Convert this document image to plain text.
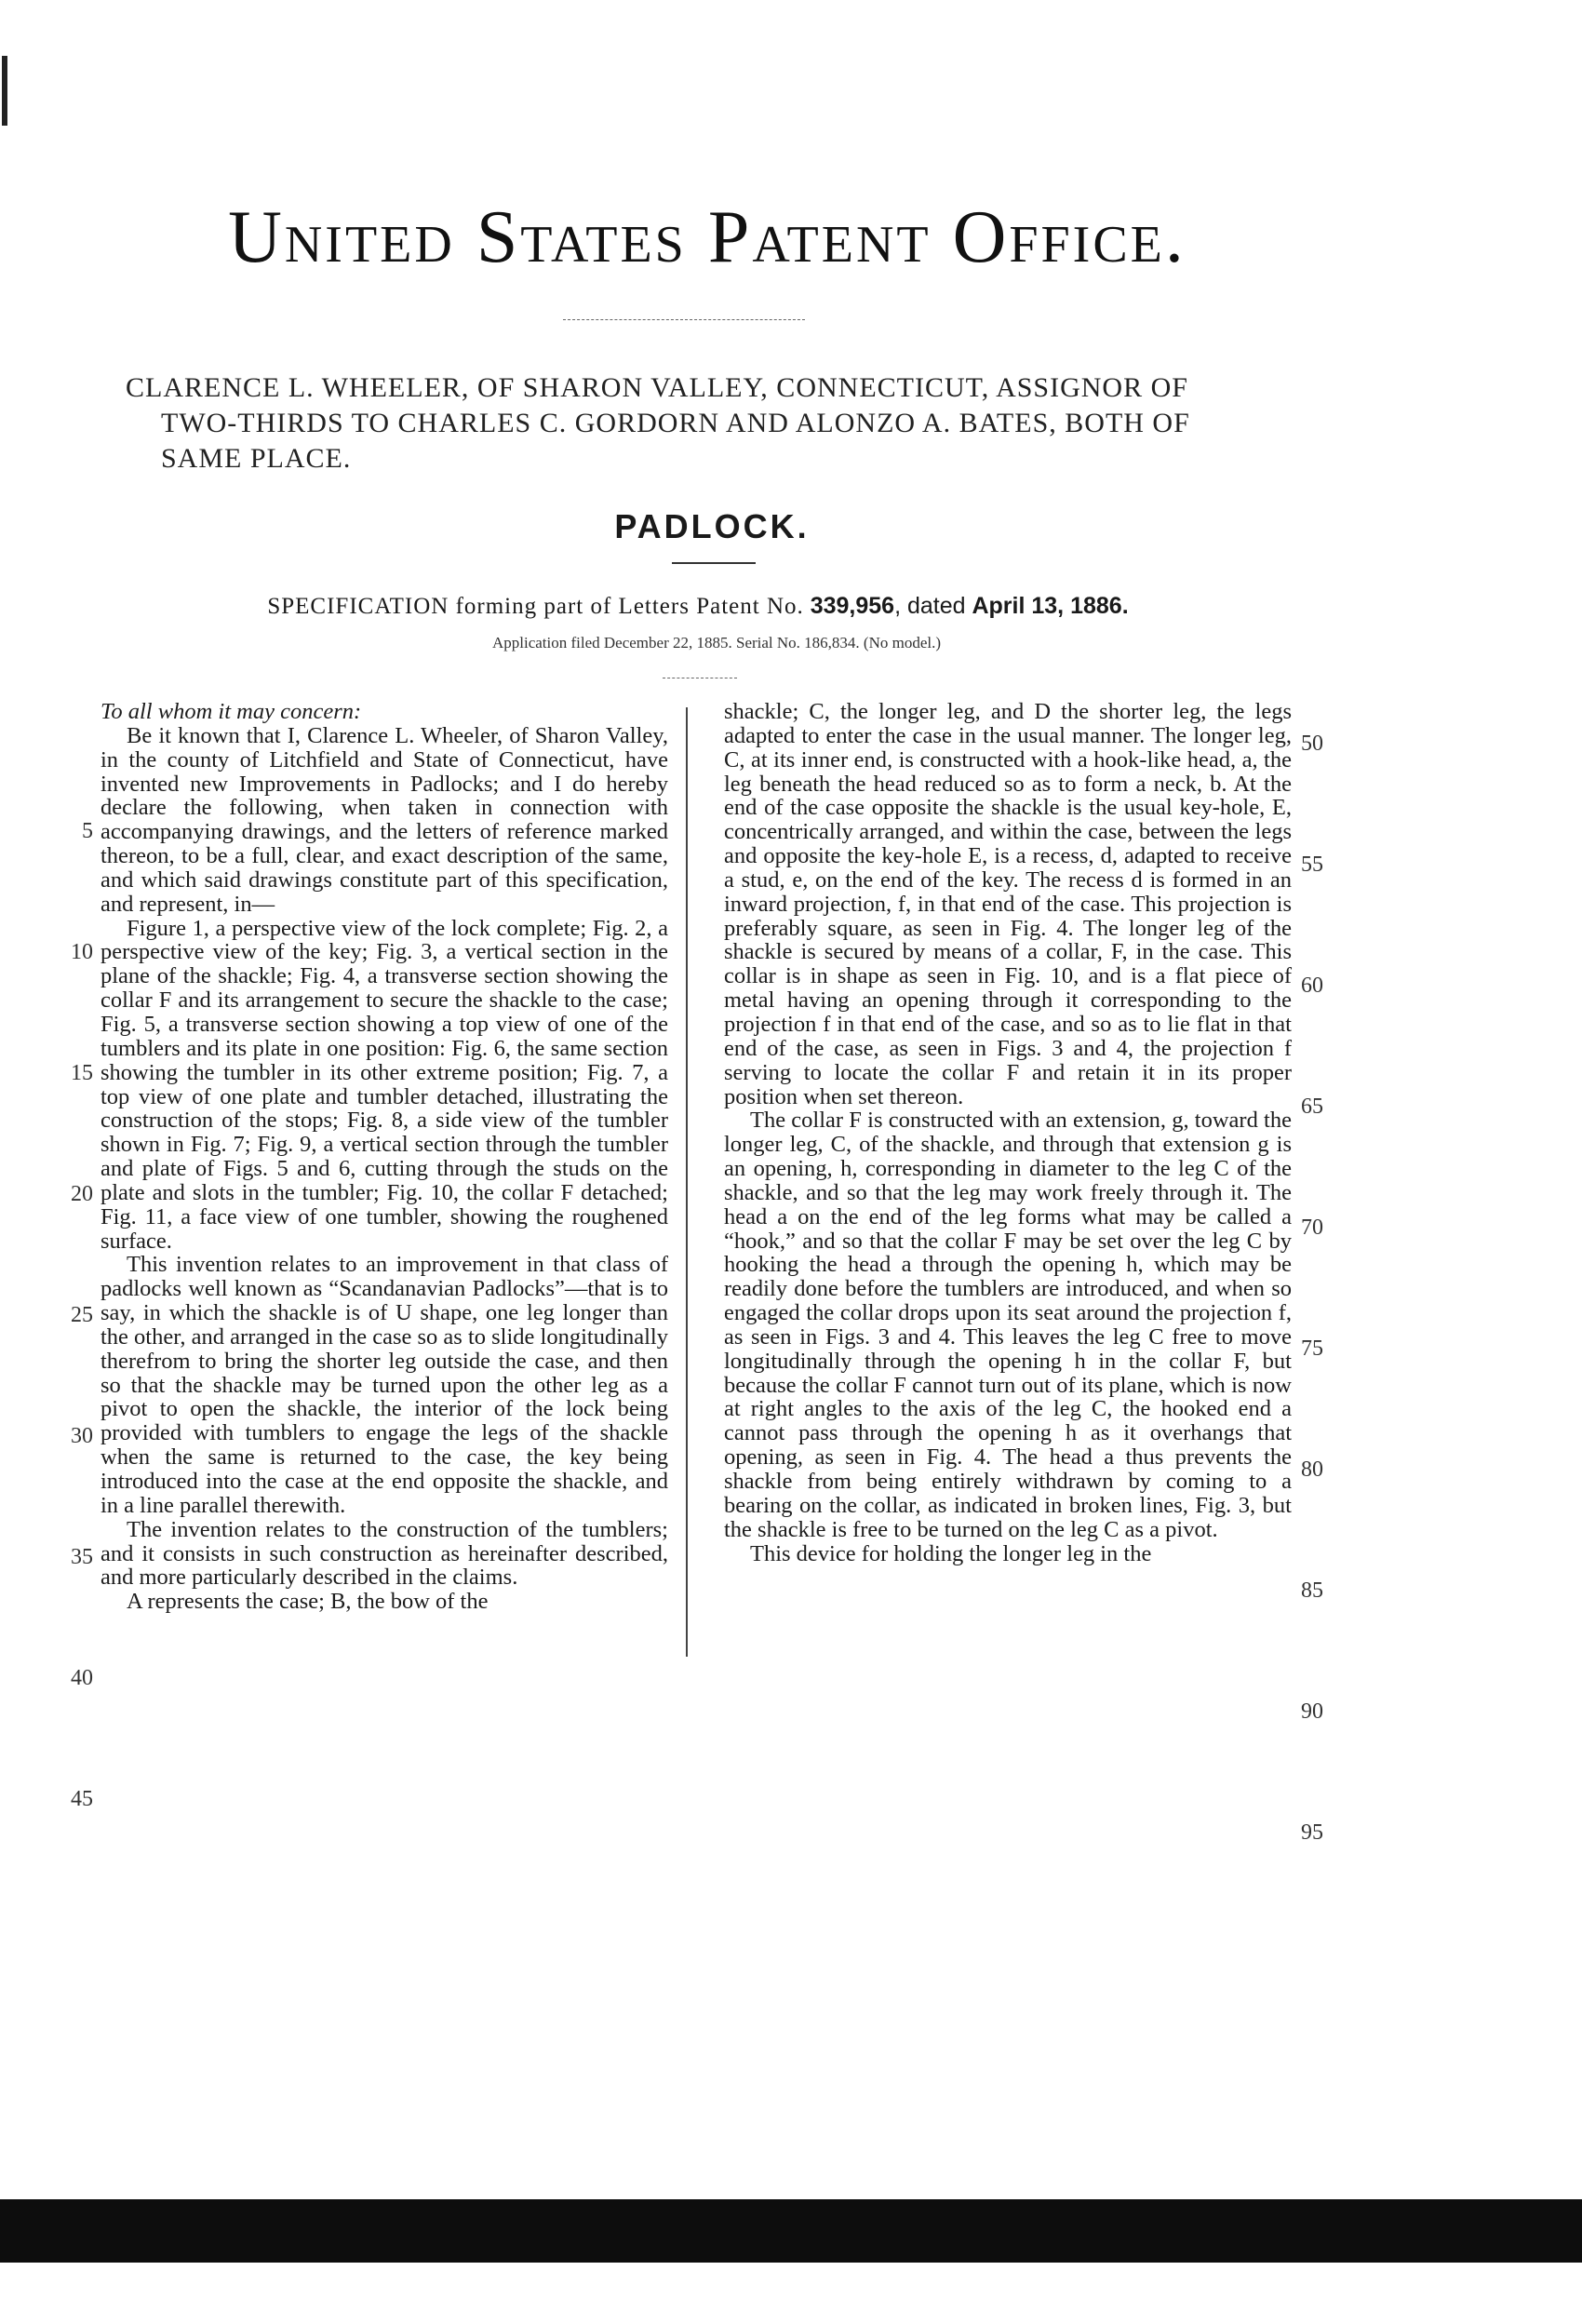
United States Patent Office.
CLARENCE L. WHEELER, OF SHARON VALLEY, CONNECTICUT, ASSIGNOR OF
TWO-THIRDS TO CHARLES C. GORDORN AND ALONZO A. BATES, BOTH OF
SAME PLACE.
PADLOCK.
SPECIFICATION forming part of Letters Patent No. 339,956, dated April 13, 1886.
Application filed December 22, 1885. Serial No. 186,834. (No model.)

To all whom it may concern:

Be it known that I, Clarence L. Wheeler, of Sharon Valley, in the county of Litchfield and State of Connecticut, have invented new Improvements in Padlocks; and I do hereby declare the following, when taken in connection with accompanying drawings, and the letters of reference marked thereon, to be a full, clear, and exact description of the same, and which said drawings constitute part of this specification, and represent, in—

Figure 1, a perspective view of the lock complete; Fig. 2, a perspective view of the key; Fig. 3, a vertical section in the plane of the shackle; Fig. 4, a transverse section showing the collar F and its arrangement to secure the shackle to the case; Fig. 5, a transverse section showing a top view of one of the tumblers and its plate in one position: Fig. 6, the same section showing the tumbler in its other extreme position; Fig. 7, a top view of one plate and tumbler detached, illustrating the construction of the stops; Fig. 8, a side view of the tumbler shown in Fig. 7; Fig. 9, a vertical section through the tumbler and plate of Figs. 5 and 6, cutting through the studs on the plate and slots in the tumbler; Fig. 10, the collar F detached; Fig. 11, a face view of one tumbler, showing the roughened surface.

This invention relates to an improvement in that class of padlocks well known as “Scandanavian Padlocks”—that is to say, in which the shackle is of U shape, one leg longer than the other, and arranged in the case so as to slide longitudinally therefrom to bring the shorter leg outside the case, and then so that the shackle may be turned upon the other leg as a pivot to open the shackle, the interior of the lock being provided with tumblers to engage the legs of the shackle when the same is returned to the case, the key being introduced into the case at the end opposite the shackle, and in a line parallel therewith.

The invention relates to the construction of the tumblers; and it consists in such construction as hereinafter described, and more particularly described in the claims.

A represents the case; B, the bow of the

shackle; C, the longer leg, and D the shorter leg, the legs adapted to enter the case in the usual manner. The longer leg, C, at its inner end, is constructed with a hook-like head, a, the leg beneath the head reduced so as to form a neck, b. At the end of the case opposite the shackle is the usual key-hole, E, concentrically arranged, and within the case, between the legs and opposite the key-hole E, is a recess, d, adapted to receive a stud, e, on the end of the key. The recess d is formed in an inward projection, f, in that end of the case. This projection is preferably square, as seen in Fig. 4. The longer leg of the shackle is secured by means of a collar, F, in the case. This collar is in shape as seen in Fig. 10, and is a flat piece of metal having an opening through it corresponding to the projection f in that end of the case, and so as to lie flat in that end of the case, as seen in Figs. 3 and 4, the projection f serving to locate the collar F and retain it in its proper position when set thereon.

The collar F is constructed with an extension, g, toward the longer leg, C, of the shackle, and through that extension g is an opening, h, corresponding in diameter to the leg C of the shackle, and so that the leg may work freely through it. The head a on the end of the leg forms what may be called a “hook,” and so that the collar F may be set over the leg C by hooking the head a through the opening h, which may be readily done before the tumblers are introduced, and when so engaged the collar drops upon its seat around the projection f, as seen in Figs. 3 and 4. This leaves the leg C free to move longitudinally through the opening h in the collar F, but because the collar F cannot turn out of its plane, which is now at right angles to the axis of the leg C, the hooked end a cannot pass through the opening h as it overhangs that opening, as seen in Fig. 4. The head a thus prevents the shackle from being entirely withdrawn by coming to a bearing on the collar, as indicated in broken lines, Fig. 3, but the shackle is free to be turned on the leg C as a pivot.

This device for holding the longer leg in the

5
10
15
20
25
30
35
40
45
50
55
60
65
70
75
80
85
90
95
